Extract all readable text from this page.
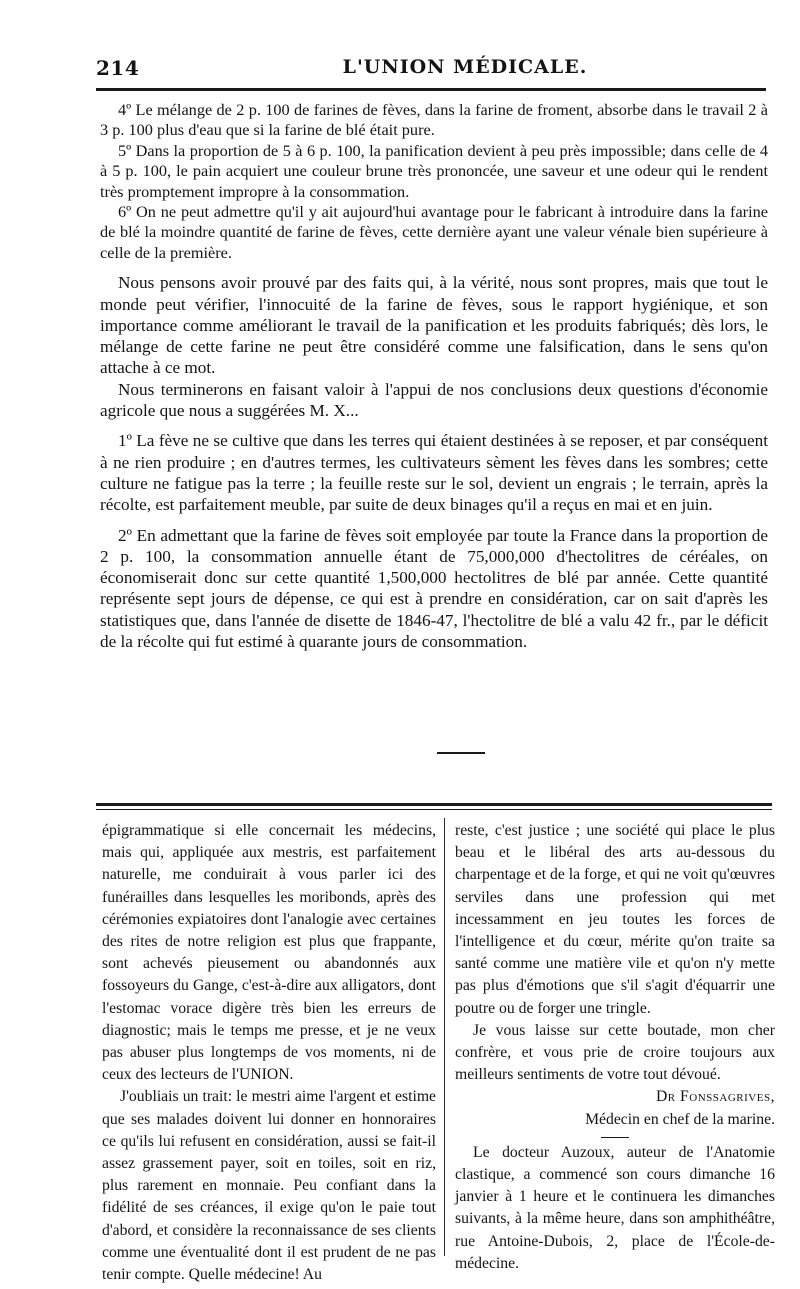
214	L'UNION MÉDICALE.

4º Le mélange de 2 p. 100 de farines de fèves, dans la farine de froment, absorbe dans le travail 2 à 3 p. 100 plus d'eau que si la farine de blé était pure.

5º Dans la proportion de 5 à 6 p. 100, la panification devient à peu près impossible; dans celle de 4 à 5 p. 100, le pain acquiert une couleur brune très prononcée, une saveur et une odeur qui le rendent très promptement impropre à la consommation.

6º On ne peut admettre qu'il y ait aujourd'hui avantage pour le fabricant à introduire dans la farine de blé la moindre quantité de farine de fèves, cette dernière ayant une valeur vénale bien supérieure à celle de la première.

Nous pensons avoir prouvé par des faits qui, à la vérité, nous sont propres, mais que tout le monde peut vérifier, l'innocuité de la farine de fèves, sous le rapport hygiénique, et son importance comme améliorant le travail de la panification et les produits fabriqués; dès lors, le mélange de cette farine ne peut être considéré comme une falsification, dans le sens qu'on attache à ce mot.

Nous terminerons en faisant valoir à l'appui de nos conclusions deux questions d'économie agricole que nous a suggérées M. X...

1º La fève ne se cultive que dans les terres qui étaient destinées à se reposer, et par conséquent à ne rien produire ; en d'autres termes, les cultivateurs sèment les fèves dans les sombres; cette culture ne fatigue pas la terre ; la feuille reste sur le sol, devient un engrais ; le terrain, après la récolte, est parfaitement meuble, par suite de deux binages qu'il a reçus en mai et en juin.

2º En admettant que la farine de fèves soit employée par toute la France dans la proportion de 2 p. 100, la consommation annuelle étant de 75,000,000 d'hectolitres de céréales, on économiserait donc sur cette quantité 1,500,000 hectolitres de blé par année. Cette quantité représente sept jours de dépense, ce qui est à prendre en considération, car on sait d'après les statistiques que, dans l'année de disette de 1846-47, l'hectolitre de blé a valu 42 fr., par le déficit de la récolte qui fut estimé à quarante jours de consommation.

épigrammatique si elle concernait les médecins, mais qui, appliquée aux mestris, est parfaitement naturelle, me conduirait à vous parler ici des funérailles dans lesquelles les moribonds, après des cérémonies expiatoires dont l'analogie avec certaines des rites de notre religion est plus que frappante, sont achevés pieusement ou abandonnés aux fossoyeurs du Gange, c'est-à-dire aux alligators, dont l'estomac vorace digère très bien les erreurs de diagnostic; mais le temps me presse, et je ne veux pas abuser plus longtemps de vos moments, ni de ceux des lecteurs de l'UNION.

J'oubliais un trait: le mestri aime l'argent et estime que ses malades doivent lui donner en honnoraires ce qu'ils lui refusent en considération, aussi se fait-il assez grassement payer, soit en toiles, soit en riz, plus rarement en monnaie. Peu confiant dans la fidélité de ses créances, il exige qu'on le paie tout d'abord, et considère la reconnaissance de ses clients comme une éventualité dont il est prudent de ne pas tenir compte. Quelle médecine! Au

reste, c'est justice ; une société qui place le plus beau et le libéral des arts au-dessous du charpentage et de la forge, et qui ne voit qu'œuvres serviles dans une profession qui met incessamment en jeu toutes les forces de l'intelligence et du cœur, mérite qu'on traite sa santé comme une matière vile et qu'on n'y mette pas plus d'émotions que s'il s'agit d'équarrir une poutre ou de forger une tringle.

Je vous laisse sur cette boutade, mon cher confrère, et vous prie de croire toujours aux meilleurs sentiments de votre tout dévoué.

Dr Fonssagrives,

Médecin en chef de la marine.

Le docteur Auzoux, auteur de l'Anatomie clastique, a commencé son cours dimanche 16 janvier à 1 heure et le continuera les dimanches suivants, à la même heure, dans son amphithéâtre, rue Antoine-Dubois, 2, place de l'École-de-médecine.
